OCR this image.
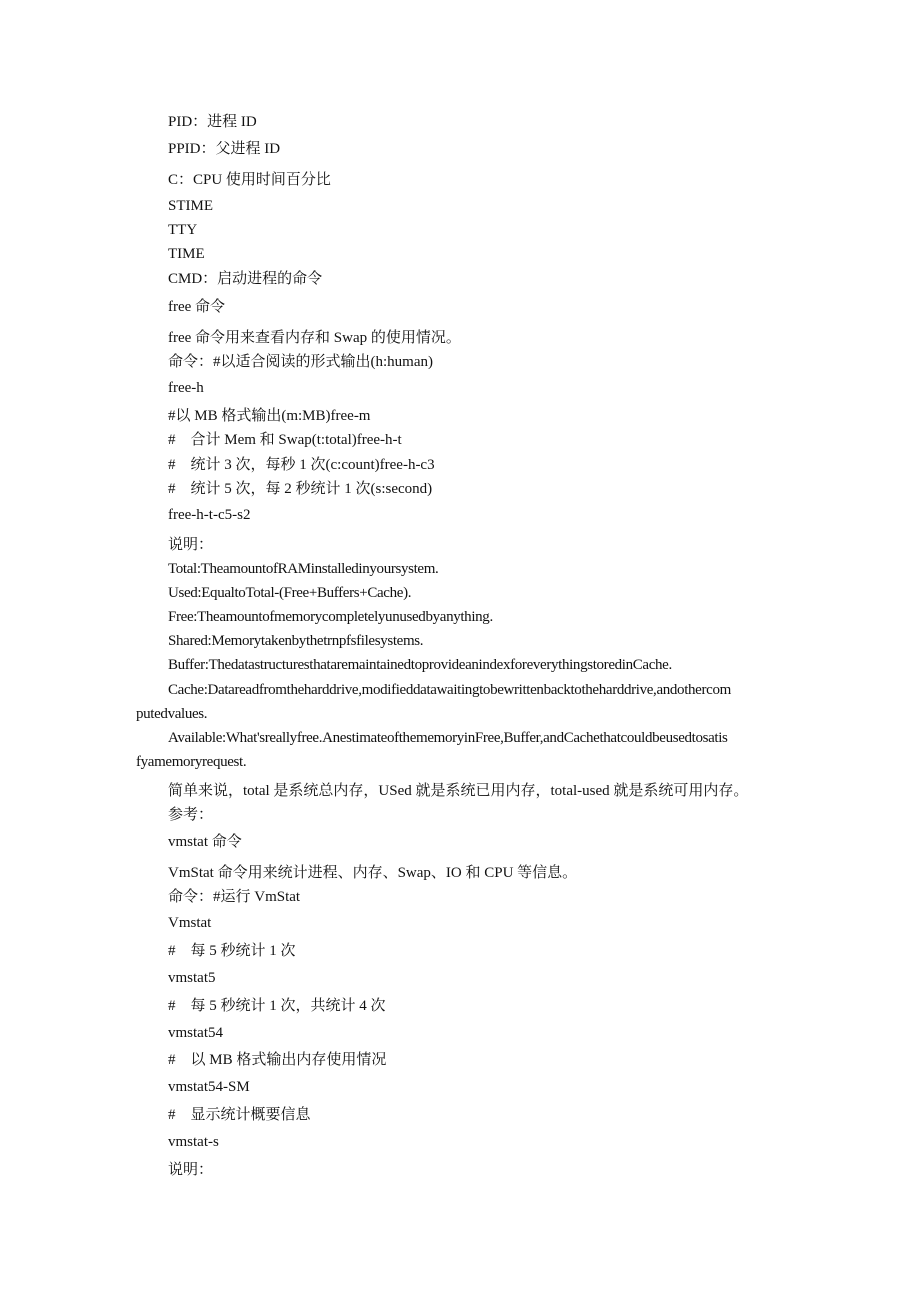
PID：进程 ID
PPID：父进程 ID
C：CPU 使用时间百分比
STIME
TTY
TIME
CMD：启动进程的命令
free 命令
free 命令用来查看内存和 Swap 的使用情况。
命令：#以适合阅读的形式输出(h:human)
free-h
#以 MB 格式输出(m:MB)free-m
#　合计 Mem 和 Swap(t:total)free-h-t
#　统计 3 次，每秒 1 次(c:count)free-h-c3
#　统计 5 次，每 2 秒统计 1 次(s:second)
free-h-t-c5-s2
说明：
Total:TheamountofRAMinstalledinyoursystem.
Used:EqualtoTotal-(Free+Buffers+Cache).
Free:Theamountofmemorycompletelyunusedbyanything.
Shared:Memorytakenbythetrnpfsfilesystems.
Buffer:ThedatastructuresthataremaintainedtoprovideanindexforeverythingstoredinCache.
Cache:Datareadfromtheharddrive,modifieddatawaitingtobewrittenbacktotheharddrive,andothercom
putedvalues.
Available:What'sreallyfree.AnestimateofthememoryinFree,Buffer,andCachethatcouldbeusedtosatis
fyamemoryrequest.
简单来说，total 是系统总内存，USed 就是系统已用内存，total-used 就是系统可用内存。
参考：
vmstat 命令
VmStat 命令用来统计进程、内存、Swap、IO 和 CPU 等信息。
命令：#运行 VmStat
Vmstat
#　每 5 秒统计 1 次
vmstat5
#　每 5 秒统计 1 次，共统计 4 次
vmstat54
#　以 MB 格式输出内存使用情况
vmstat54-SM
#　显示统计概要信息
vmstat-s
说明：
